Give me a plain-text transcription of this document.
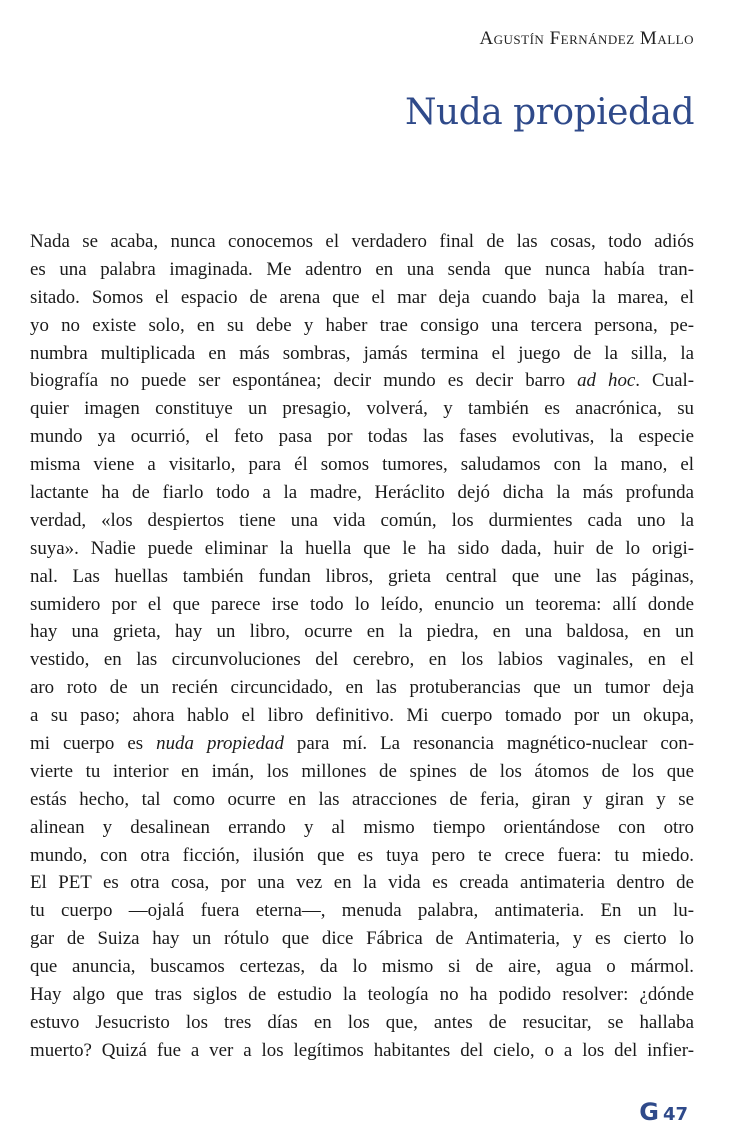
Agustín Fernández Mallo
Nuda propiedad
Nada se acaba, nunca conocemos el verdadero final de las cosas, todo adiós
es una palabra imaginada. Me adentro en una senda que nunca había tran-
sitado. Somos el espacio de arena que el mar deja cuando baja la marea, el
yo no existe solo, en su debe y haber trae consigo una tercera persona, pe-
numbra multiplicada en más sombras, jamás termina el juego de la silla, la
biografía no puede ser espontánea; decir mundo es decir barro ad hoc. Cual-
quier imagen constituye un presagio, volverá, y también es anacrónica, su
mundo ya ocurrió, el feto pasa por todas las fases evolutivas, la especie
misma viene a visitarlo, para él somos tumores, saludamos con la mano, el
lactante ha de fiarlo todo a la madre, Heráclito dejó dicha la más profunda
verdad, «los despiertos tiene una vida común, los durmientes cada uno la
suya». Nadie puede eliminar la huella que le ha sido dada, huir de lo origi-
nal. Las huellas también fundan libros, grieta central que une las páginas,
sumidero por el que parece irse todo lo leído, enuncio un teorema: allí donde
hay una grieta, hay un libro, ocurre en la piedra, en una baldosa, en un
vestido, en las circunvoluciones del cerebro, en los labios vaginales, en el
aro roto de un recién circuncidado, en las protuberancias que un tumor deja
a su paso; ahora hablo el libro definitivo. Mi cuerpo tomado por un okupa,
mi cuerpo es nuda propiedad para mí. La resonancia magnético-nuclear con-
vierte tu interior en imán, los millones de spines de los átomos de los que
estás hecho, tal como ocurre en las atracciones de feria, giran y giran y se
alinean y desalinean errando y al mismo tiempo orientándose con otro
mundo, con otra ficción, ilusión que es tuya pero te crece fuera: tu miedo.
El PET es otra cosa, por una vez en la vida es creada antimateria dentro de
tu cuerpo —ojalá fuera eterna—, menuda palabra, antimateria. En un lu-
gar de Suiza hay un rótulo que dice Fábrica de Antimateria, y es cierto lo
que anuncia, buscamos certezas, da lo mismo si de aire, agua o mármol.
Hay algo que tras siglos de estudio la teología no ha podido resolver: ¿dónde
estuvo Jesucristo los tres días en los que, antes de resucitar, se hallaba
muerto? Quizá fue a ver a los legítimos habitantes del cielo, o a los del infier-
G 47
